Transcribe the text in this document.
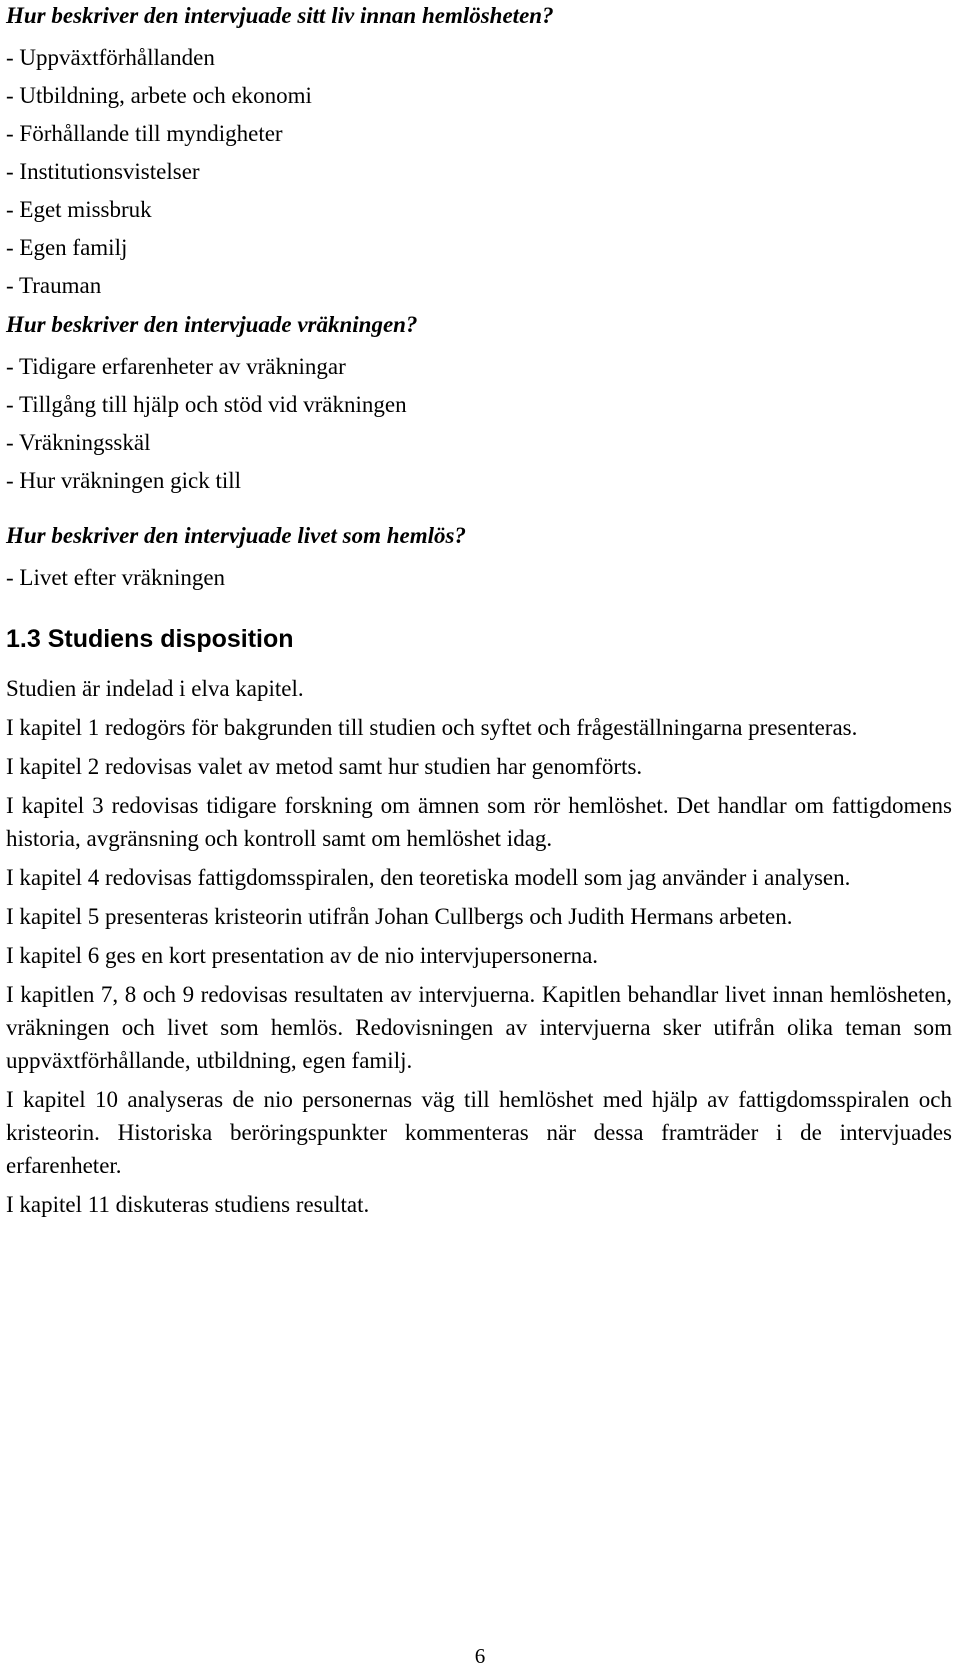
Hur beskriver den intervjuade sitt liv innan hemlösheten?
- Uppväxtförhållanden
- Utbildning, arbete och ekonomi
- Förhållande till myndigheter
- Institutionsvistelser
- Eget missbruk
- Egen familj
- Trauman
Hur beskriver den intervjuade vräkningen?
- Tidigare erfarenheter av vräkningar
- Tillgång till hjälp och stöd vid vräkningen
- Vräkningsskäl
- Hur vräkningen gick till
Hur beskriver den intervjuade livet som hemlös?
- Livet efter vräkningen
1.3 Studiens disposition

Studien är indelad i elva kapitel.

I kapitel 1 redogörs för bakgrunden till studien och syftet och frågeställningarna presenteras.

I kapitel 2 redovisas valet av metod samt hur studien har genomförts.

I kapitel 3 redovisas tidigare forskning om ämnen som rör hemlöshet. Det handlar om fattigdomens historia, avgränsning och kontroll samt om hemlöshet idag.

I kapitel 4 redovisas fattigdomsspiralen, den teoretiska modell som jag använder i analysen.

I kapitel 5 presenteras kristeorin utifrån Johan Cullbergs och Judith Hermans arbeten.

I kapitel 6 ges en kort presentation av de nio intervjupersonerna.

I kapitlen 7, 8 och 9 redovisas resultaten av intervjuerna. Kapitlen behandlar livet innan hemlösheten, vräkningen och livet som hemlös. Redovisningen av intervjuerna sker utifrån olika teman som uppväxtförhållande, utbildning, egen familj.

I kapitel 10 analyseras de nio personernas väg till hemlöshet med hjälp av fattigdomsspiralen och kristeorin. Historiska beröringspunkter kommenteras när dessa framträder i de intervjuades erfarenheter.

I kapitel 11 diskuteras studiens resultat.

6
